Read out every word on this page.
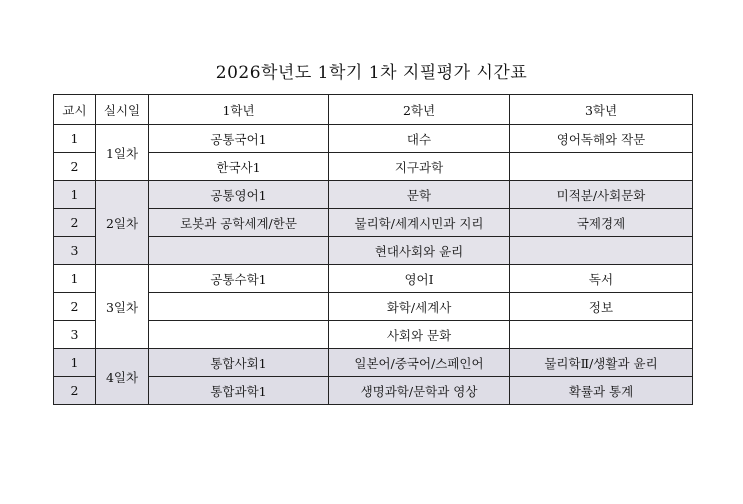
2026학년도 1학기 1차 지필평가 시간표
교시	실시일	1학년	2학년	3학년
1	1일차	공통국어1	대수	영어독해와 작문
2		한국사1	지구과학	
1	2일차	공통영어1	문학	미적분/사회문화
2		로봇과 공학세계/한문	물리학/세계시민과 지리	국제경제
3			현대사회와 윤리	
1	3일차	공통수학1	영어Ⅰ	독서
2			화학/세계사	정보
3			사회와 문화	
1	4일차	통합사회1	일본어/중국어/스페인어	물리학Ⅱ/생활과 윤리
2		통합과학1	생명과학/문학과 영상	확률과 통계
